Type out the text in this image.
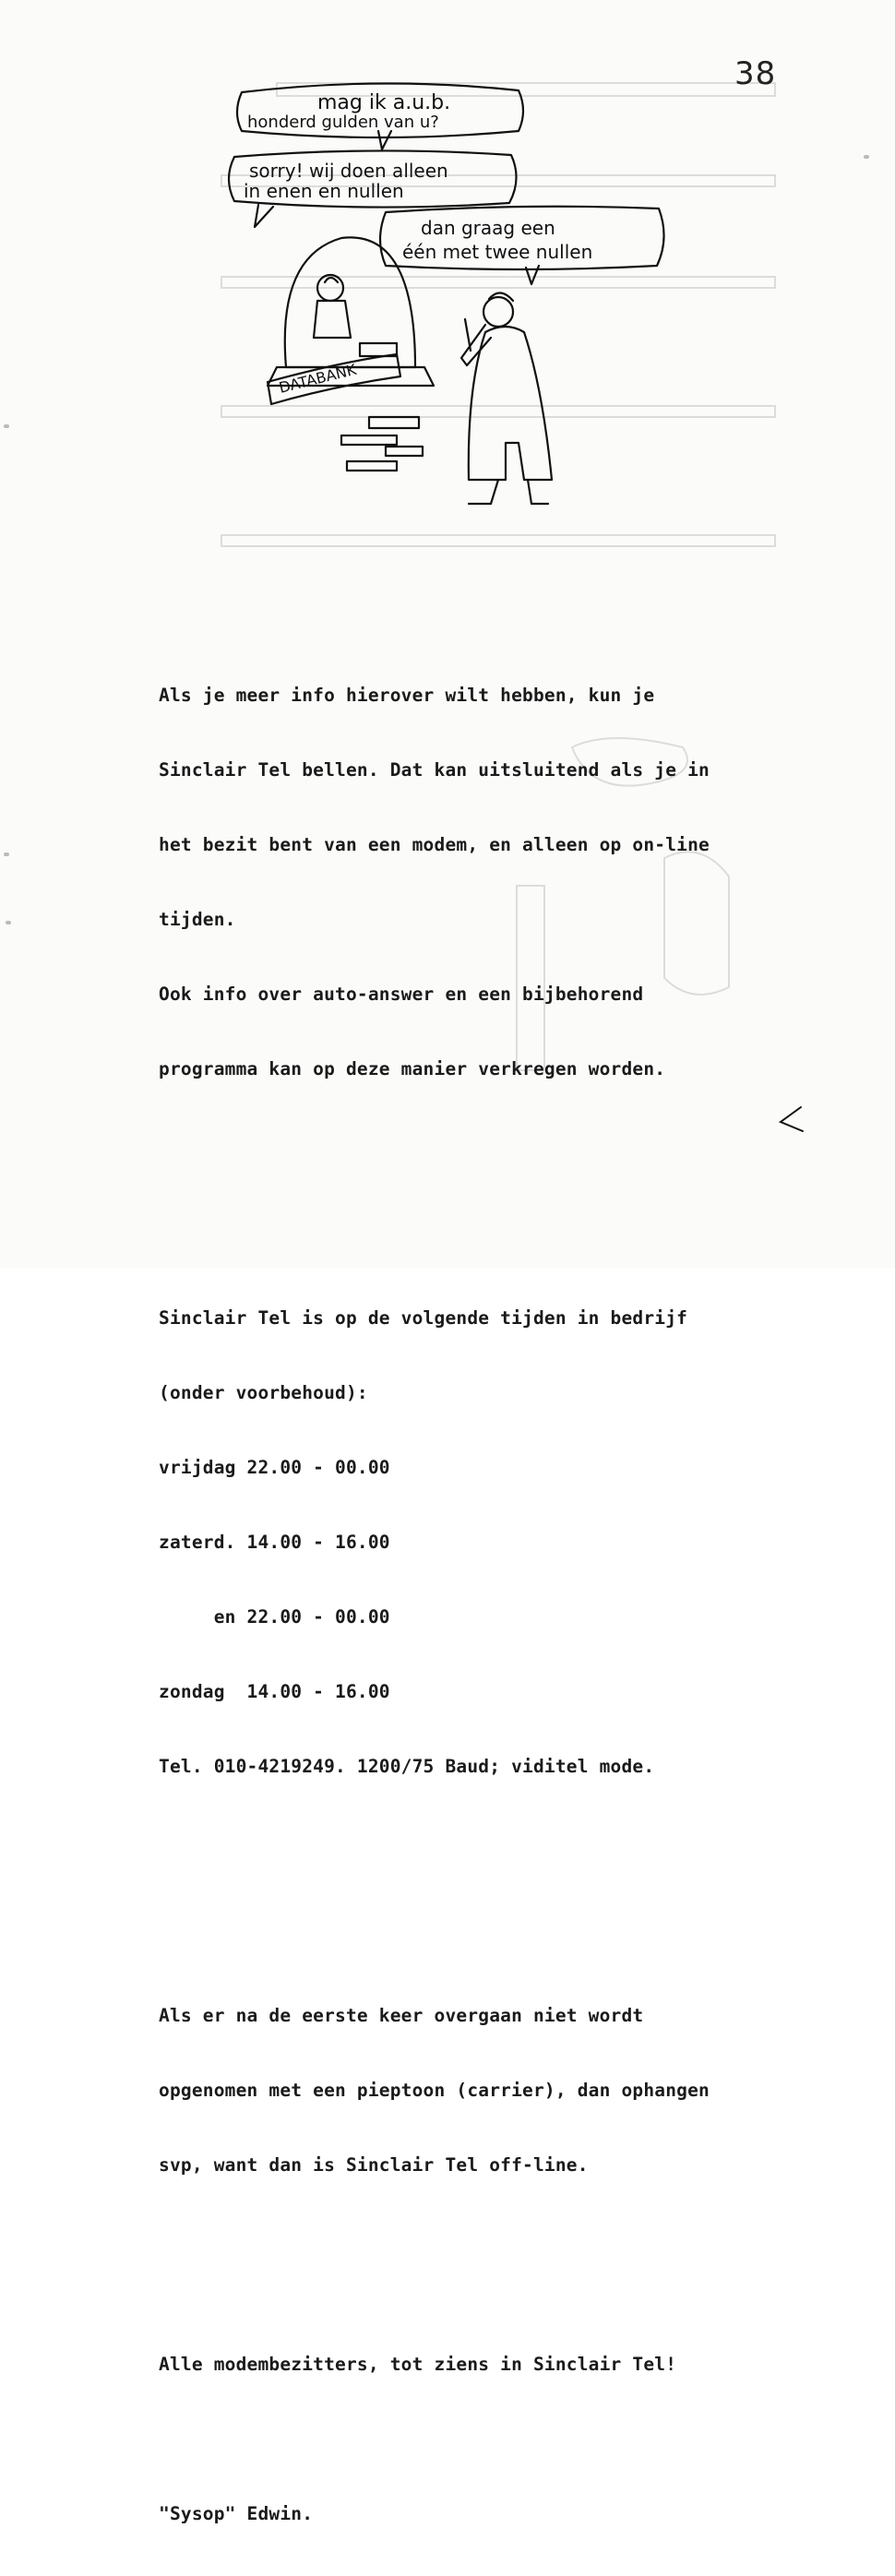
38
mag ik a.u.b.
honderd gulden van u?
sorry! wij doen alleen
in enen en nullen
dan graag een
één met twee nullen
DATABANK

Als je meer info hierover wilt hebben, kun je

Sinclair Tel bellen. Dat kan uitsluitend als je in

het bezit bent van een modem, en alleen op on-line

tijden.

Ook info over auto-answer en een bijbehorend

programma kan op deze manier verkregen worden.

Sinclair Tel is op de volgende tijden in bedrijf

(onder voorbehoud):

vrijdag 22.00 - 00.00

zaterd. 14.00 - 16.00

en 22.00 - 00.00

zondag  14.00 - 16.00

Tel. 010-4219249. 1200/75 Baud; viditel mode.

Als er na de eerste keer overgaan niet wordt

opgenomen met een pieptoon (carrier), dan ophangen

svp, want dan is Sinclair Tel off-line.

Alle modembezitters, tot ziens in Sinclair Tel!

"Sysop" Edwin.
